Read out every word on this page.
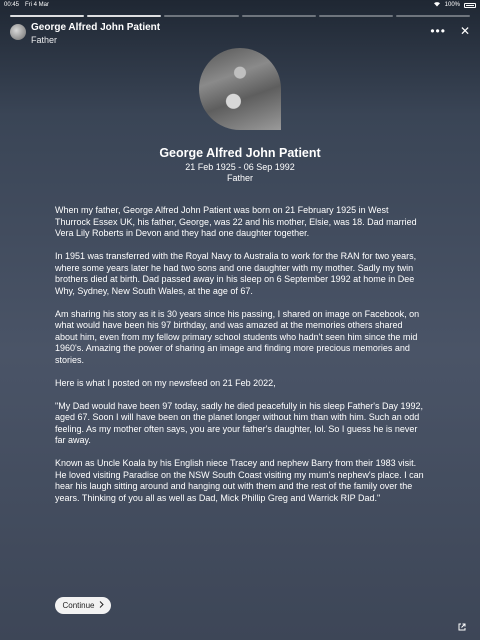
00:45 Fri 4 Mar	100%
George Alfred John Patient
Father
••• ✕
George Alfred John Patient
21 Feb 1925 - 06 Sep 1992
Father

When my father, George Alfred John Patient was born on 21 February 1925 in West Thurrock Essex UK, his father, George, was 22 and his mother, Elsie, was 18. Dad married Vera Lily Roberts in Devon and they had one daughter together.

In 1951 was transferred with the Royal Navy to Australia to work for the RAN for two years, where some years later he had two sons and one daughter with my mother. Sadly my twin brothers died at birth. Dad passed away in his sleep on 6 September 1992 at home in Dee Why, Sydney, New South Wales, at the age of 67.

Am sharing his story as it is 30 years since his passing, I shared on image on Facebook, on what would have been his 97 birthday, and was amazed at the memories others shared about him, even from my fellow primary school students who hadn't seen him since the mid 1960's. Amazing the power of sharing an image and finding more precious memories and stories.

Here is what I posted on my newsfeed on 21 Feb 2022,

"My Dad would have been 97 today, sadly he died peacefully in his sleep Father's Day 1992, aged 67. Soon I will have been on the planet longer without him than with him. Such an odd feeling. As my mother often says, you are your father's daughter, lol. So I guess he is never far away.

Known as Uncle Koala by his English niece Tracey and nephew Barry from their 1983 visit. He loved visiting Paradise on the NSW South Coast visiting my mum's nephew's place. I can hear his laugh sitting around and hanging out with them and the rest of the family over the years. Thinking of you all as well as Dad, Mick Phillip Greg and Warrick RIP Dad."

Continue
